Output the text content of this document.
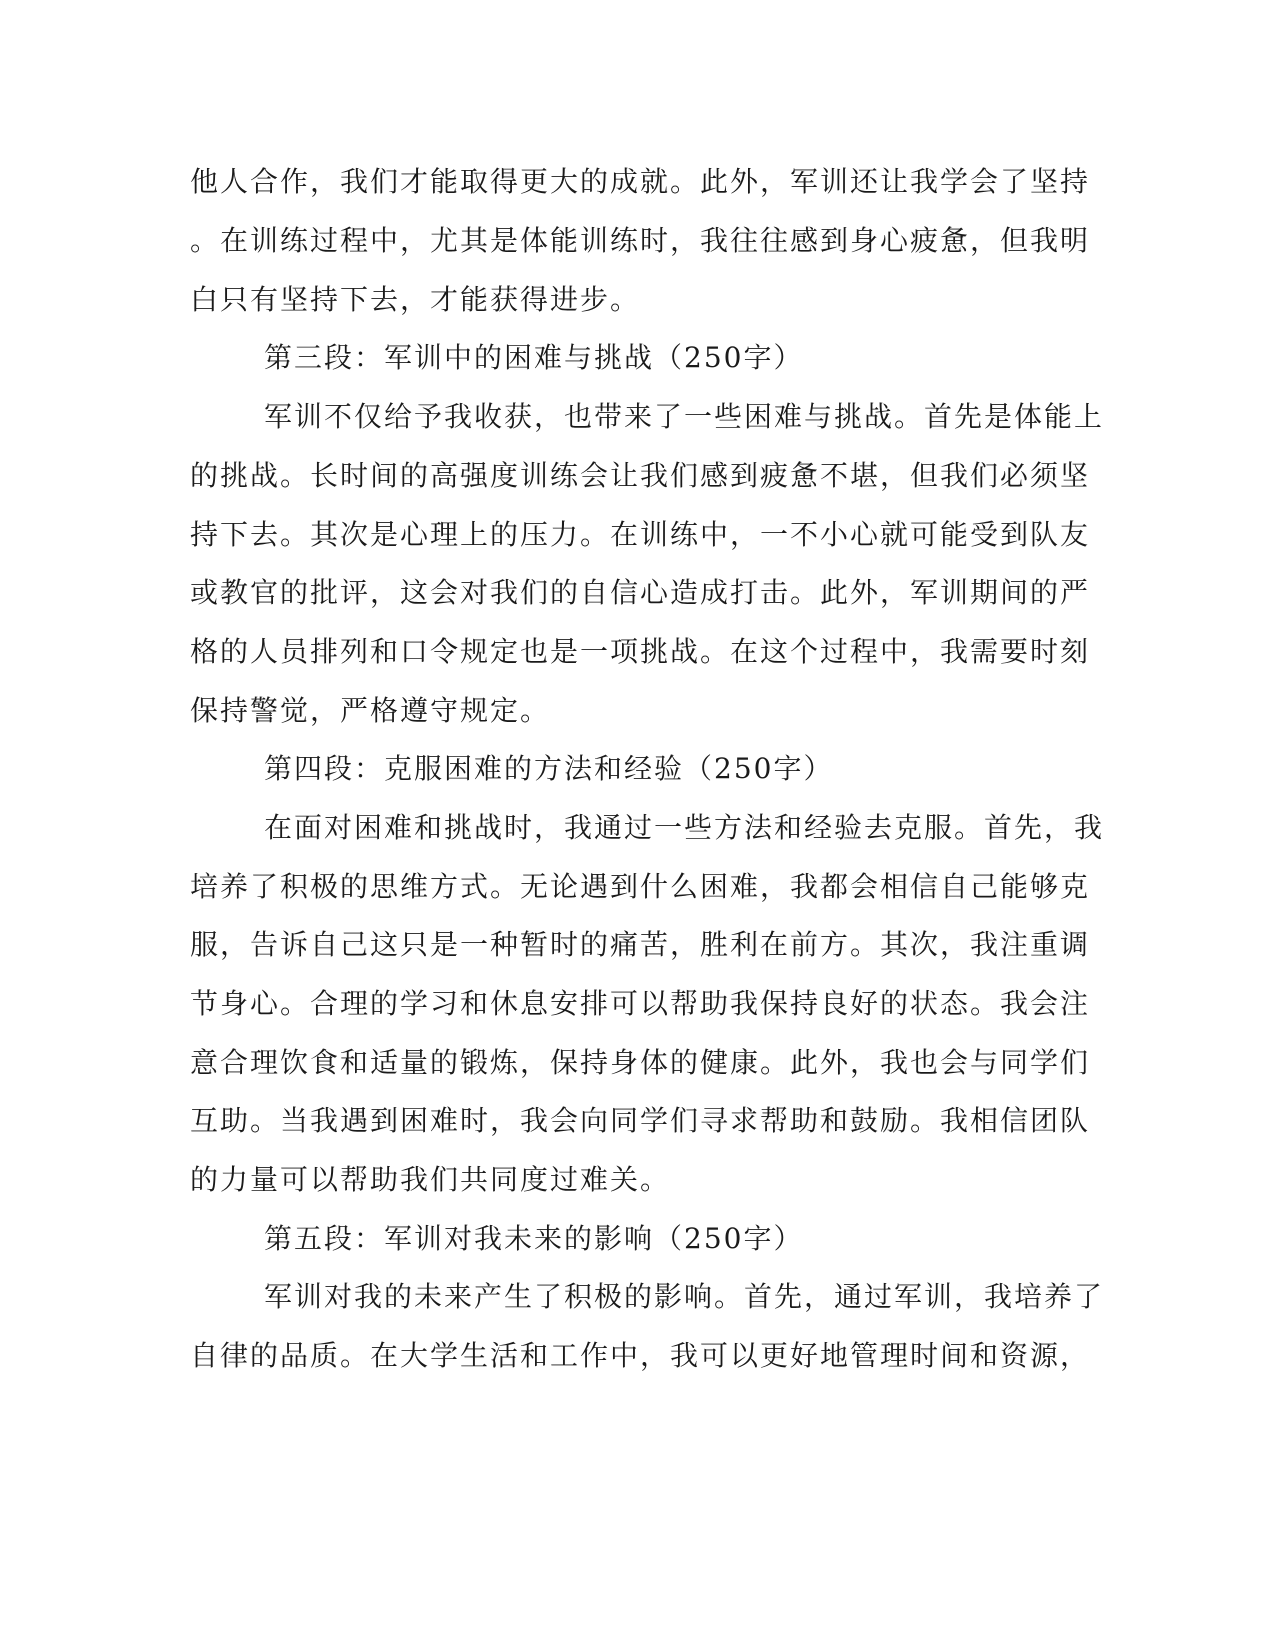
他人合作，我们才能取得更大的成就。此外，军训还让我学会了坚持
。在训练过程中，尤其是体能训练时，我往往感到身心疲惫，但我明
白只有坚持下去，才能获得进步。
第三段：军训中的困难与挑战（250字）
军训不仅给予我收获，也带来了一些困难与挑战。首先是体能上
的挑战。长时间的高强度训练会让我们感到疲惫不堪，但我们必须坚
持下去。其次是心理上的压力。在训练中，一不小心就可能受到队友
或教官的批评，这会对我们的自信心造成打击。此外，军训期间的严
格的人员排列和口令规定也是一项挑战。在这个过程中，我需要时刻
保持警觉，严格遵守规定。
第四段：克服困难的方法和经验（250字）
在面对困难和挑战时，我通过一些方法和经验去克服。首先，我
培养了积极的思维方式。无论遇到什么困难，我都会相信自己能够克
服，告诉自己这只是一种暂时的痛苦，胜利在前方。其次，我注重调
节身心。合理的学习和休息安排可以帮助我保持良好的状态。我会注
意合理饮食和适量的锻炼，保持身体的健康。此外，我也会与同学们
互助。当我遇到困难时，我会向同学们寻求帮助和鼓励。我相信团队
的力量可以帮助我们共同度过难关。
第五段：军训对我未来的影响（250字）
军训对我的未来产生了积极的影响。首先，通过军训，我培养了
自律的品质。在大学生活和工作中，我可以更好地管理时间和资源，
